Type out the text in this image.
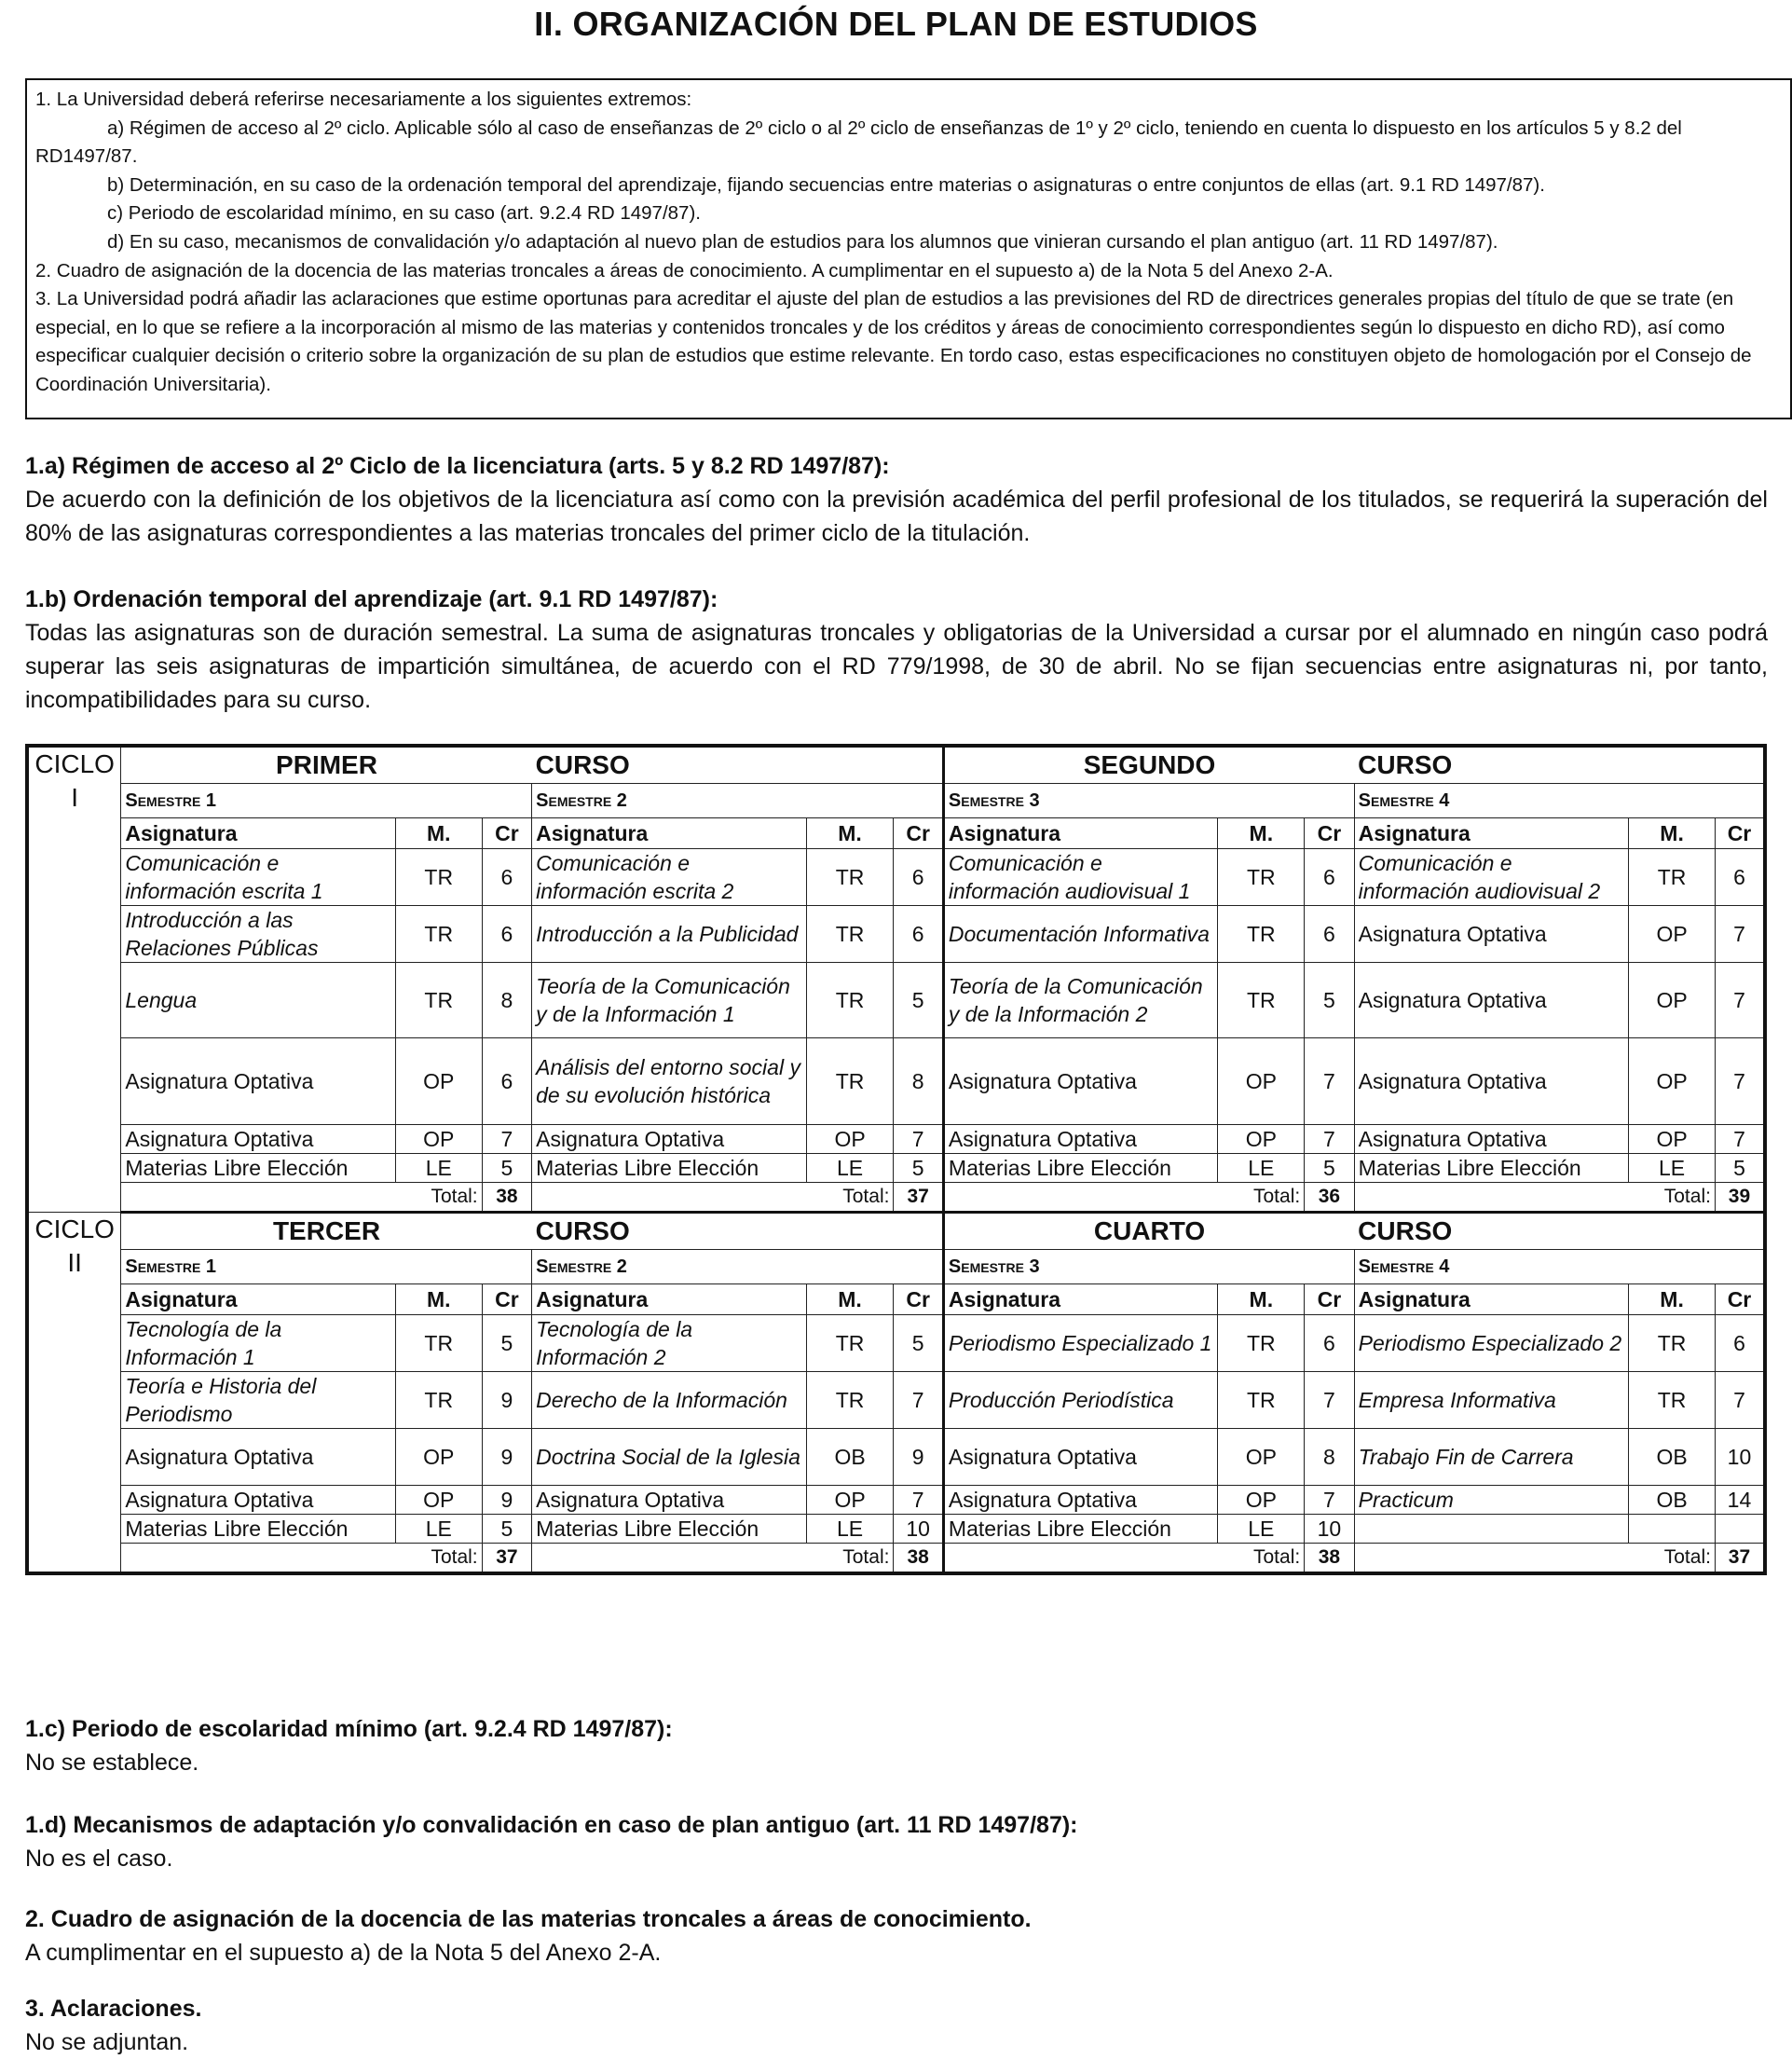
II. ORGANIZACIÓN DEL PLAN DE ESTUDIOS

1. La Universidad deberá referirse necesariamente a los siguientes extremos:

a) Régimen de acceso al 2º ciclo. Aplicable sólo al caso de enseñanzas de 2º ciclo o al 2º ciclo de enseñanzas de 1º y 2º ciclo, teniendo en cuenta lo dispuesto en los artículos 5 y 8.2 del RD1497/87.

b) Determinación, en su caso de la ordenación temporal del aprendizaje, fijando secuencias entre materias o asignaturas o entre conjuntos de ellas (art. 9.1 RD 1497/87).

c) Periodo de escolaridad mínimo, en su caso (art. 9.2.4 RD 1497/87).

d) En su caso, mecanismos de convalidación y/o adaptación al nuevo plan de estudios para los alumnos que vinieran cursando el plan antiguo (art. 11 RD 1497/87).

2. Cuadro de asignación de la docencia de las materias troncales a áreas de conocimiento. A cumplimentar en el supuesto a) de la Nota 5 del Anexo 2-A.

3. La Universidad podrá añadir las aclaraciones que estime oportunas para acreditar el ajuste del plan de estudios a las previsiones del RD de directrices generales propias del título de que se trate (en especial, en lo que se refiere a la incorporación al mismo de las materias y contenidos troncales y de los créditos y áreas de conocimiento correspondientes según lo dispuesto en dicho RD), así como especificar cualquier decisión o criterio sobre la organización de su plan de estudios que estime relevante. En tordo caso, estas especificaciones no constituyen objeto de homologación por el Consejo de Coordinación Universitaria).

1.a) Régimen de acceso al 2º Ciclo de la licenciatura (arts. 5 y 8.2 RD 1497/87):

De acuerdo con la definición de los objetivos de la licenciatura así como con la previsión académica del perfil profesional de los titulados, se requerirá la superación del 80% de las asignaturas correspondientes a las materias troncales del primer ciclo de la titulación.

1.b) Ordenación temporal del aprendizaje (art. 9.1 RD 1497/87):

Todas las asignaturas son de duración semestral. La suma de asignaturas troncales y obligatorias de la Universidad a cursar por el alumnado en ningún caso podrá superar las seis asignaturas de impartición simultánea, de acuerdo con el RD 779/1998, de 30 de abril. No se fijan secuencias entre asignaturas ni, por tanto, incompatibilidades para su curso.

CICLO I	PRIMER			CURSO			SEGUNDO			CURSO		
	Semestre 1			Semestre 2			Semestre 3			Semestre 4		
	Asignatura	M.	Cr	Asignatura	M.	Cr	Asignatura	M.	Cr	Asignatura	M.	Cr
	Comunicación e información escrita 1	TR	6	Comunicación e información escrita 2	TR	6	Comunicación e información audiovisual 1	TR	6	Comunicación e información audiovisual 2	TR	6
	Introducción a las Relaciones Públicas	TR	6	Introducción a la Publicidad	TR	6	Documentación Informativa	TR	6	Asignatura Optativa	OP	7
	Lengua	TR	8	Teoría de la Comunicación y de la Información 1	TR	5	Teoría de la Comunicación y de la Información 2	TR	5	Asignatura Optativa	OP	7
	Asignatura Optativa	OP	6	Análisis del entorno social y de su evolución histórica	TR	8	Asignatura Optativa	OP	7	Asignatura Optativa	OP	7
	Asignatura Optativa	OP	7	Asignatura Optativa	OP	7	Asignatura Optativa	OP	7	Asignatura Optativa	OP	7
	Materias Libre Elección	LE	5	Materias Libre Elección	LE	5	Materias Libre Elección	LE	5	Materias Libre Elección	LE	5
	Total:		38	Total:		37	Total:		36	Total:		39
CICLO II	TERCER			CURSO			CUARTO			CURSO		
	Semestre 1			Semestre 2			Semestre 3			Semestre 4		
	Asignatura	M.	Cr	Asignatura	M.	Cr	Asignatura	M.	Cr	Asignatura	M.	Cr
	Tecnología de la Información 1	TR	5	Tecnología de la Información 2	TR	5	Periodismo Especializado 1	TR	6	Periodismo Especializado 2	TR	6
	Teoría e Historia del Periodismo	TR	9	Derecho de la Información	TR	7	Producción Periodística	TR	7	Empresa Informativa	TR	7
	Asignatura Optativa	OP	9	Doctrina Social de la Iglesia	OB	9	Asignatura Optativa	OP	8	Trabajo Fin de Carrera	OB	10
	Asignatura Optativa	OP	9	Asignatura Optativa	OP	7	Asignatura Optativa	OP	7	Practicum	OB	14
	Materias Libre Elección	LE	5	Materias Libre Elección	LE	10	Materias Libre Elección	LE	10			
	Total:		37	Total:		38	Total:		38	Total:		37

1.c) Periodo de escolaridad mínimo (art. 9.2.4 RD 1497/87):

No se establece.

1.d) Mecanismos de adaptación y/o convalidación en caso de plan antiguo (art. 11 RD 1497/87):

No es el caso.

2. Cuadro de asignación de la docencia de las materias troncales a áreas de conocimiento.

A cumplimentar en el supuesto a) de la Nota 5 del Anexo 2-A.

3. Aclaraciones.

No se adjuntan.
